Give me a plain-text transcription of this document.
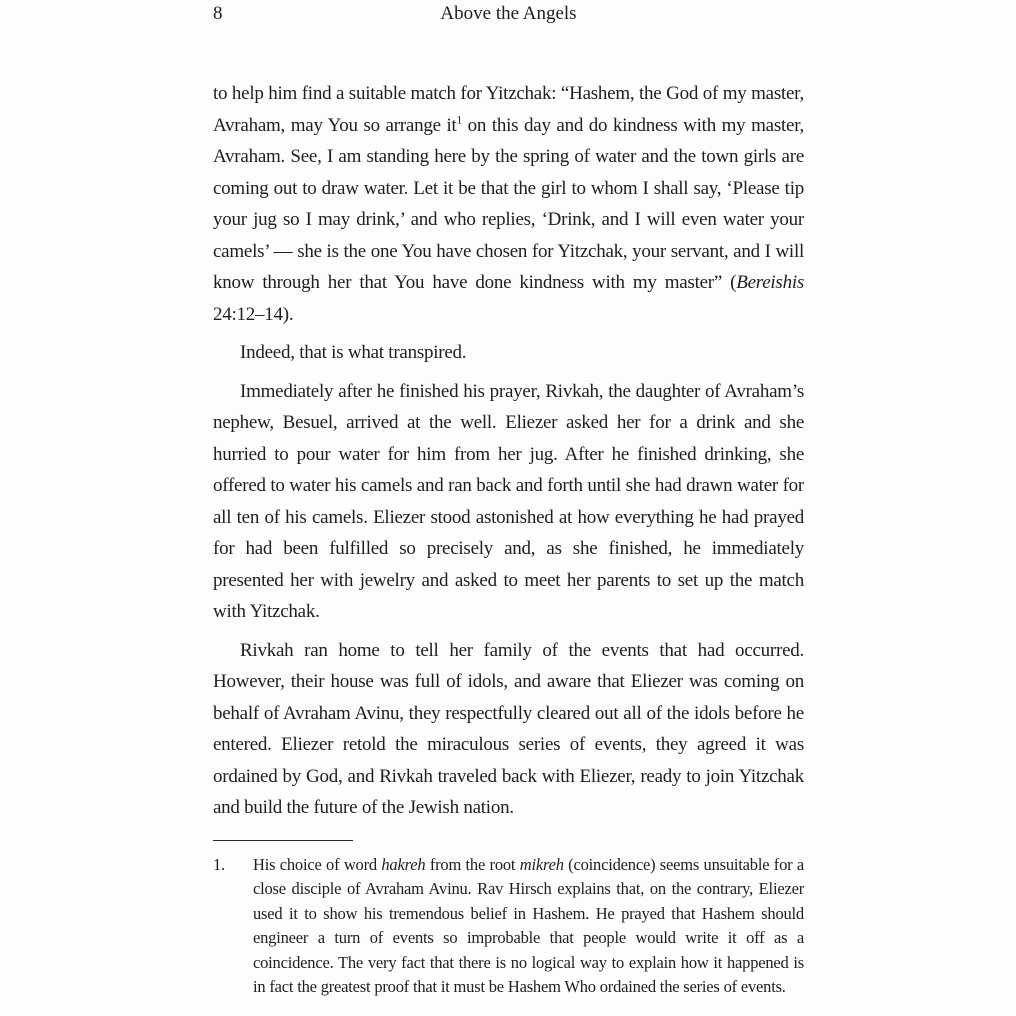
8	Above the Angels

to help him find a suitable match for Yitzchak: “Hashem, the God of my master, Avraham, may You so arrange $it^1$ on this day and do kindness with my master, Avraham. See, I am standing here by the spring of water and the town girls are coming out to draw water. Let it be that the girl to whom I shall say, ‘Please tip your jug so I may drink,’ and who replies, ‘Drink, and I will even water your camels’ — she is the one You have chosen for Yitzchak, your servant, and I will know through her that You have done kindness with my master” (Bereishis 24:12–14).

Indeed, that is what transpired.

Immediately after he finished his prayer, Rivkah, the daughter of Avraham’s nephew, Besuel, arrived at the well. Eliezer asked her for a drink and she hurried to pour water for him from her jug. After he finished drinking, she offered to water his camels and ran back and forth until she had drawn water for all ten of his camels. Eliezer stood astonished at how everything he had prayed for had been fulfilled so precisely and, as she finished, he immediately presented her with jewelry and asked to meet her parents to set up the match with Yitzchak.

Rivkah ran home to tell her family of the events that had occurred. However, their house was full of idols, and aware that Eliezer was coming on behalf of Avraham Avinu, they respectfully cleared out all of the idols before he entered. Eliezer retold the miraculous series of events, they agreed it was ordained by God, and Rivkah traveled back with Eliezer, ready to join Yitzchak and build the future of the Jewish nation.

1. His choice of word hakreh from the root mikreh (coincidence) seems unsuitable for a close disciple of Avraham Avinu. Rav Hirsch explains that, on the contrary, Eliezer used it to show his tremendous belief in Hashem. He prayed that Hashem should engineer a turn of events so improbable that people would write it off as a coincidence. The very fact that there is no logical way to explain how it happened is in fact the greatest proof that it must be Hashem Who ordained the series of events.
